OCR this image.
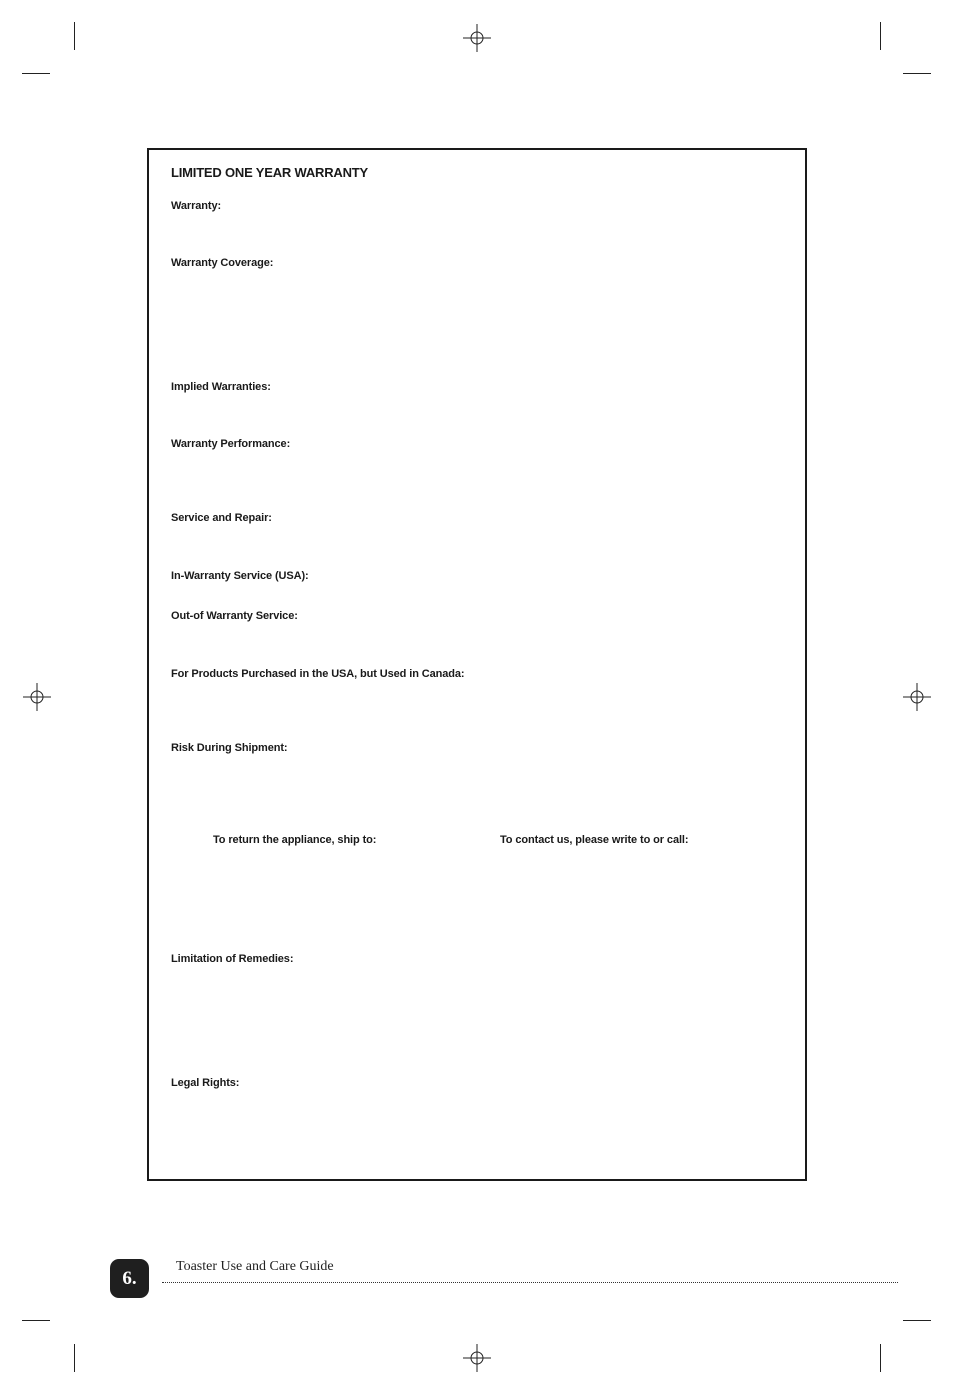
LIMITED ONE YEAR WARRANTY
Warranty:
Warranty Coverage:
Implied Warranties:
Warranty Performance:
Service and Repair:
In-Warranty Service (USA):
Out-of Warranty Service:
For Products Purchased in the USA, but Used in Canada:
Risk During Shipment:
To return the appliance, ship to:	To contact us, please write to or call:
Limitation of Remedies:
Legal Rights:
6.
Toaster Use and Care Guide
